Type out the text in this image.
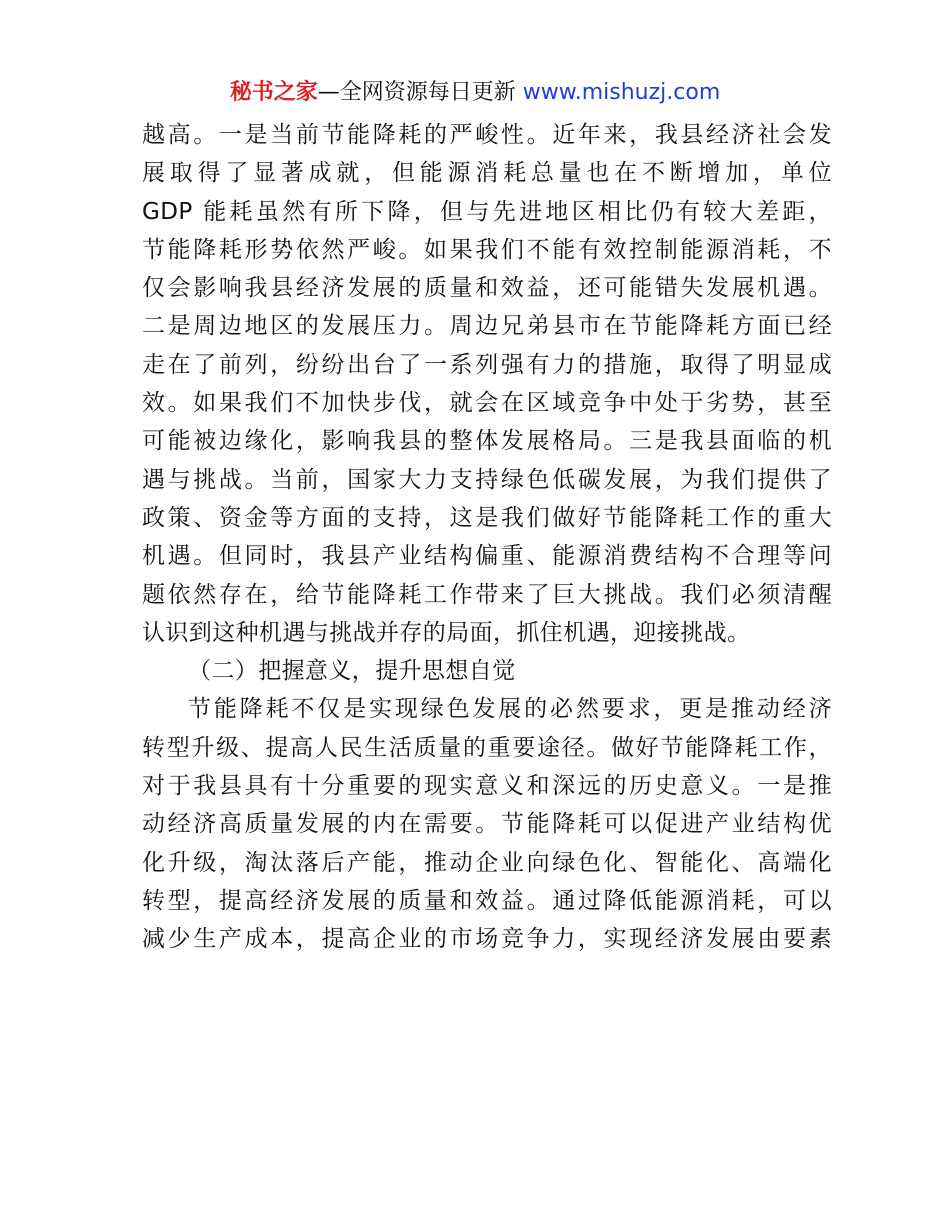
秘书之家—全网资源每日更新 www.mishuzj.com
越高。一是当前节能降耗的严峻性。近年来，我县经济社会发
展取得了显著成就，但能源消耗总量也在不断增加，单位
GDP 能耗虽然有所下降，但与先进地区相比仍有较大差距，
节能降耗形势依然严峻。如果我们不能有效控制能源消耗，不
仅会影响我县经济发展的质量和效益，还可能错失发展机遇。
二是周边地区的发展压力。周边兄弟县市在节能降耗方面已经
走在了前列，纷纷出台了一系列强有力的措施，取得了明显成
效。如果我们不加快步伐，就会在区域竞争中处于劣势，甚至
可能被边缘化，影响我县的整体发展格局。三是我县面临的机
遇与挑战。当前，国家大力支持绿色低碳发展，为我们提供了
政策、资金等方面的支持，这是我们做好节能降耗工作的重大
机遇。但同时，我县产业结构偏重、能源消费结构不合理等问
题依然存在，给节能降耗工作带来了巨大挑战。我们必须清醒
认识到这种机遇与挑战并存的局面，抓住机遇，迎接挑战。
（二）把握意义，提升思想自觉
节能降耗不仅是实现绿色发展的必然要求，更是推动经济
转型升级、提高人民生活质量的重要途径。做好节能降耗工作，
对于我县具有十分重要的现实意义和深远的历史意义。一是推
动经济高质量发展的内在需要。节能降耗可以促进产业结构优
化升级，淘汰落后产能，推动企业向绿色化、智能化、高端化
转型，提高经济发展的质量和效益。通过降低能源消耗，可以
减少生产成本，提高企业的市场竞争力，实现经济发展由要素
